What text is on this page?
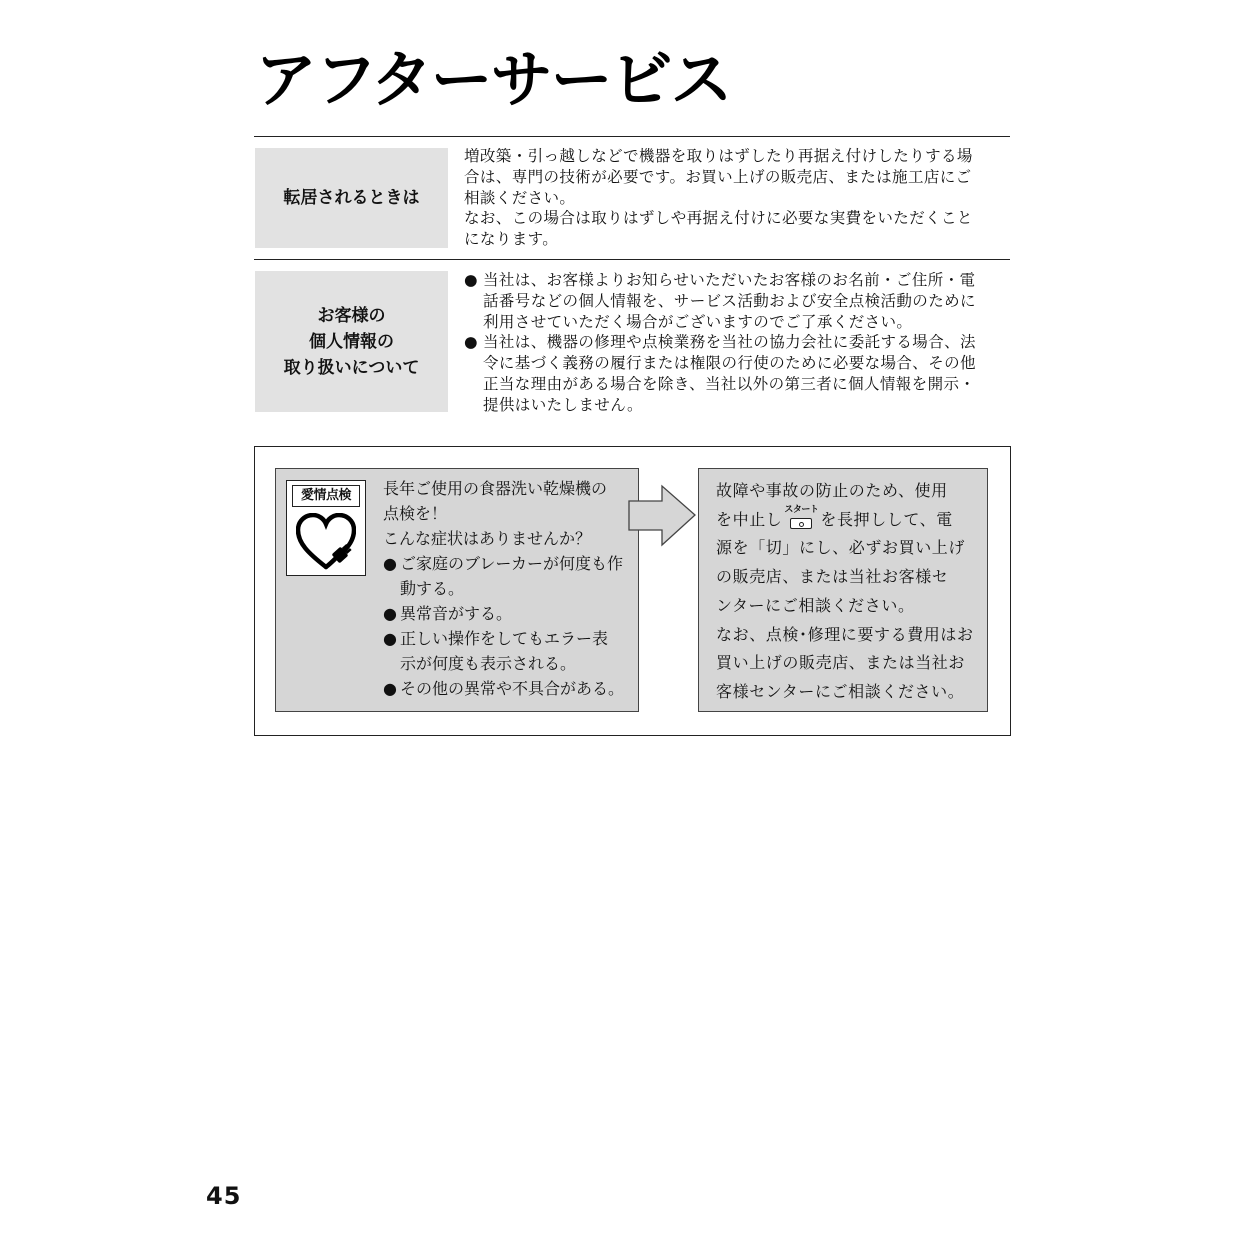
アフターサービス
転居されるときは
増改築・引っ越しなどで機器を取りはずしたり再据え付けしたりする場
合は、専門の技術が必要です。お買い上げの販売店、または施工店にご
相談ください。
なお、この場合は取りはずしや再据え付けに必要な実費をいただくこと
になります。
お客様の
個人情報の
取り扱いについて
● 当社は、お客様よりお知らせいただいたお客様のお名前・ご住所・電
話番号などの個人情報を、サービス活動および安全点検活動のために
利用させていただく場合がございますのでご了承ください。
● 当社は、機器の修理や点検業務を当社の協力会社に委託する場合、法
令に基づく義務の履行または権限の行使のために必要な場合、その他
正当な理由がある場合を除き、当社以外の第三者に個人情報を開示・
提供はいたしません。
愛情点検	長年ご使用の食器洗い乾燥機の
点検を！
こんな症状はありませんか？
● ご家庭のブレーカーが何度も作
動する。
● 異常音がする。
● 正しい操作をしてもエラー表
示が何度も表示される。
● その他の異常や不具合がある。
故障や事故の防止のため、使用
を中止し スタート を長押しして、電
源を「切」にし、必ずお買い上げ
の販売店、または当社お客様セ
ンターにご相談ください。
なお、点検･修理に要する費用はお
買い上げの販売店、または当社お
客様センターにご相談ください。
45
